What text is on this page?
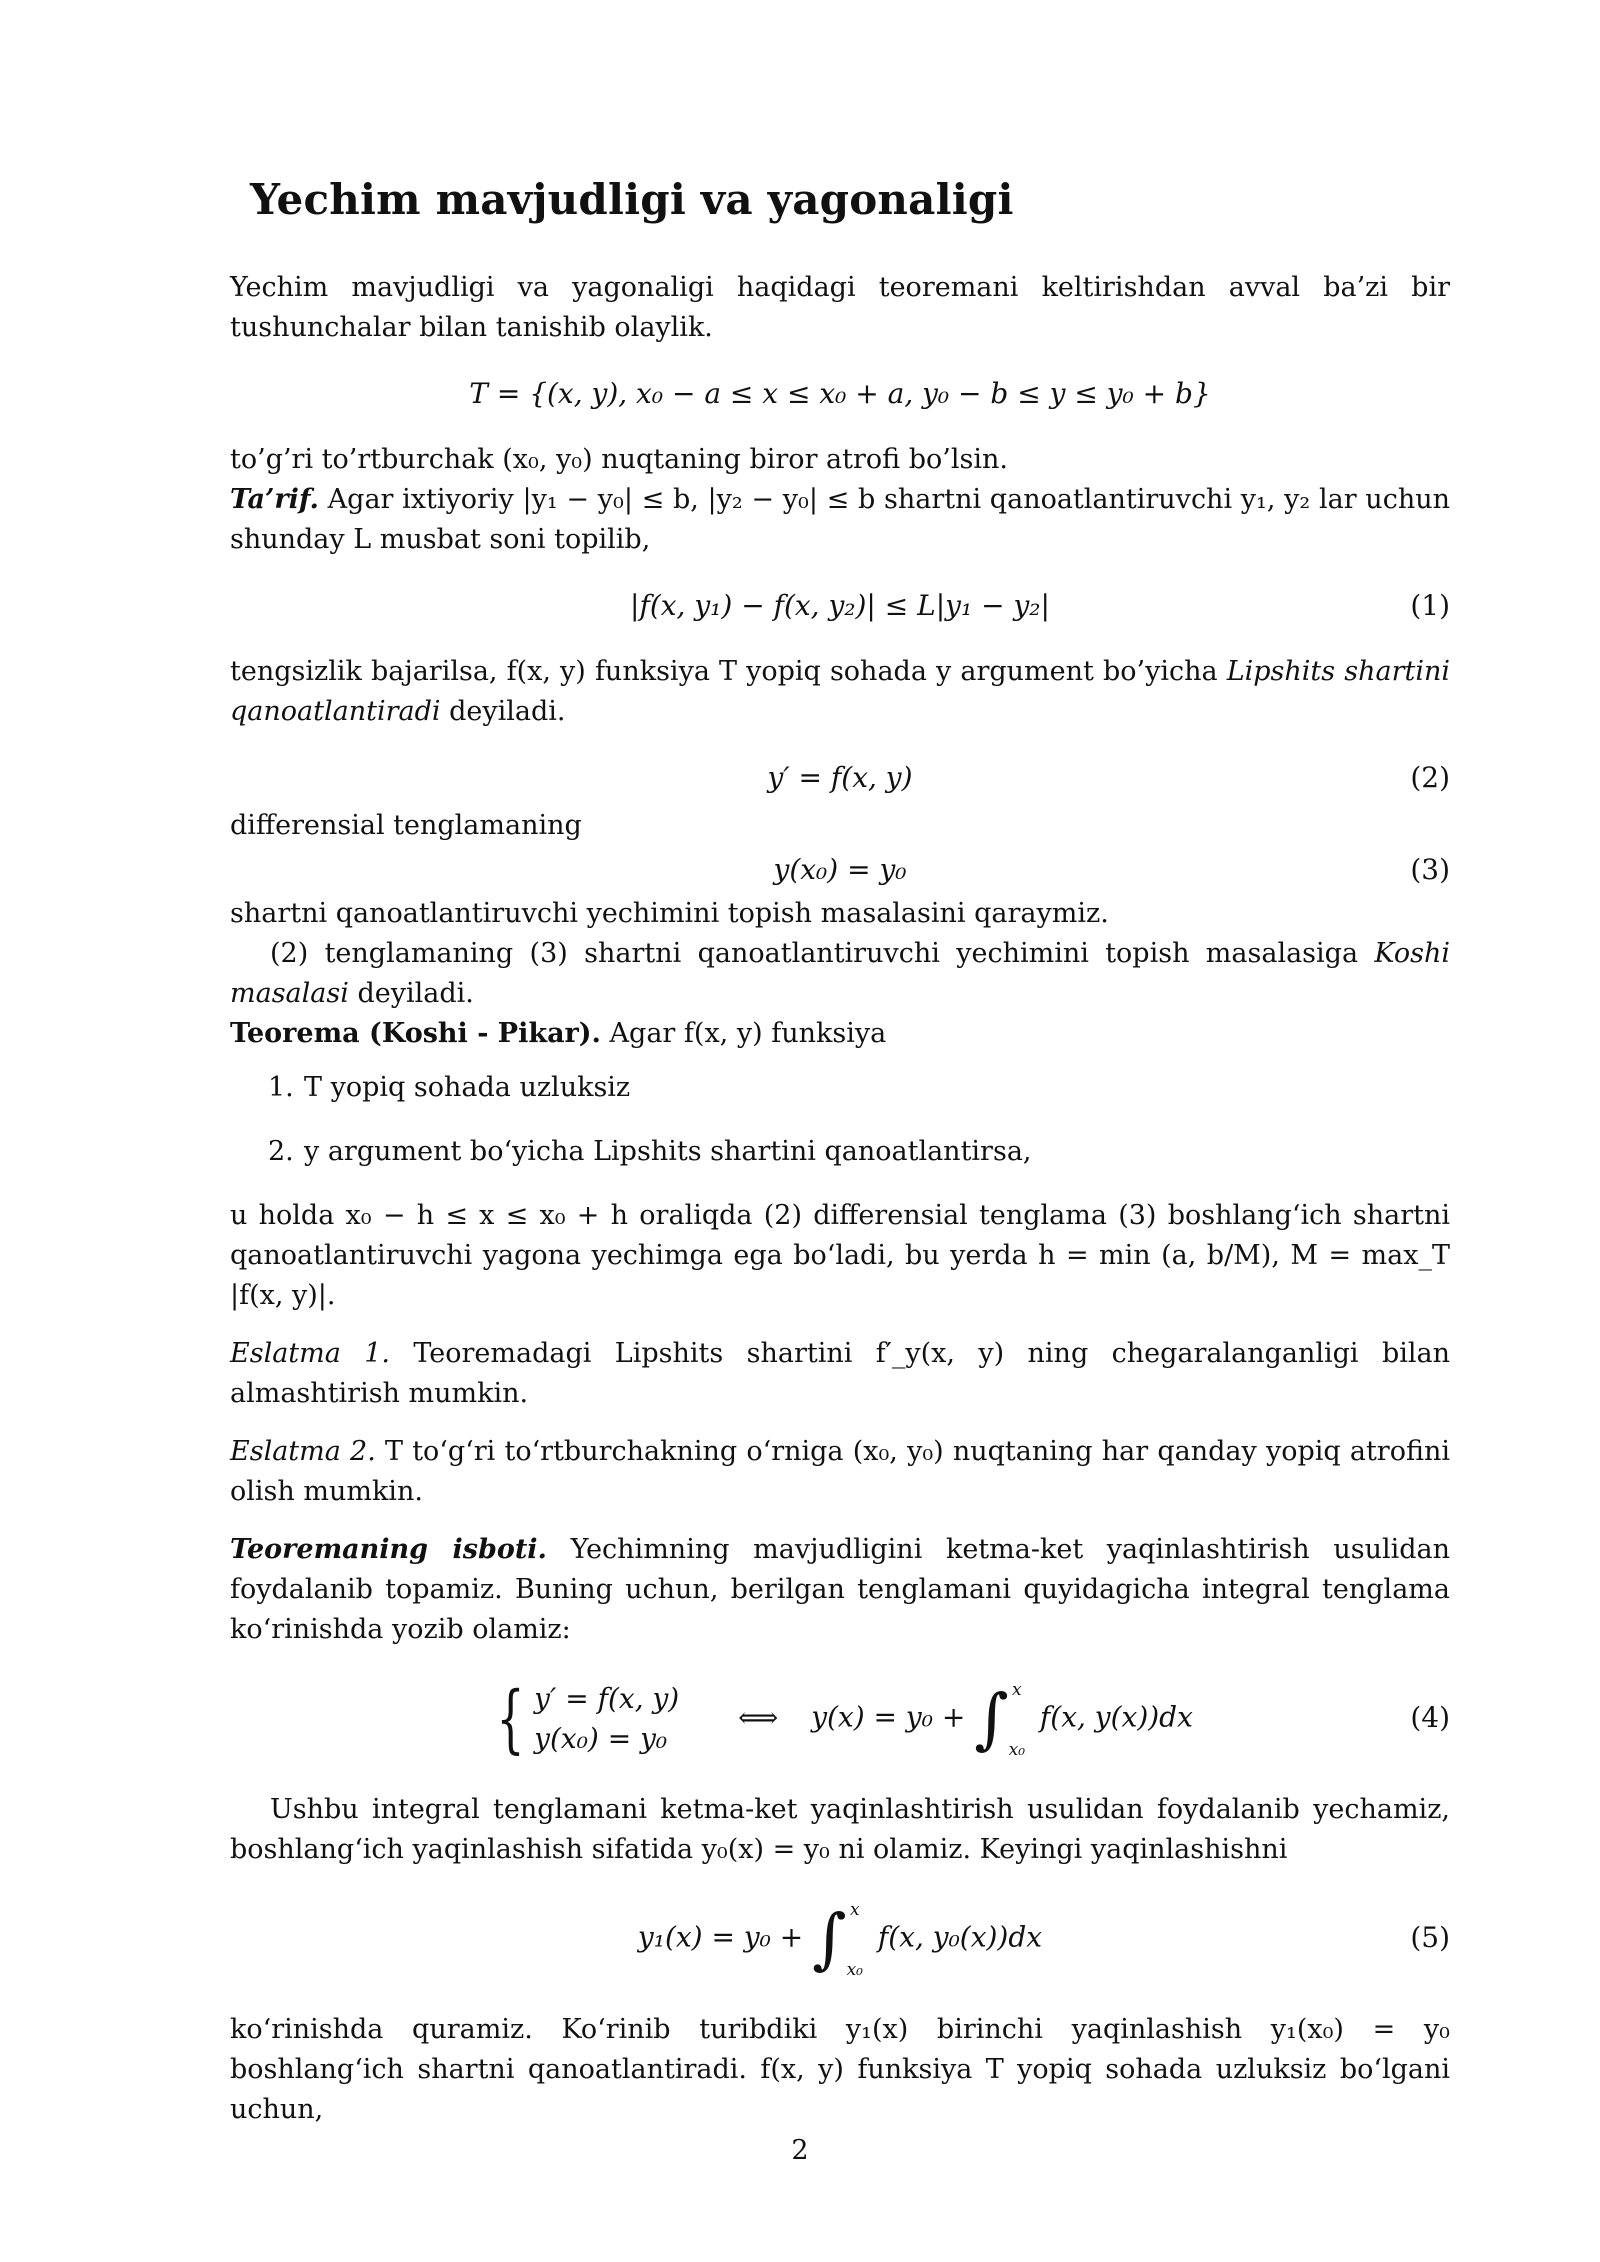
Yechim mavjudligi va yagonaligi

Yechim mavjudligi va yagonaligi haqidagi teoremani keltirishdan avval ba’zi bir tushunchalar bilan tanishib olaylik.

T = {(x, y), x₀ − a ≤ x ≤ x₀ + a, y₀ − b ≤ y ≤ y₀ + b}

to’g’ri to’rtburchak (x₀, y₀) nuqtaning biror atrofi bo’lsin.

Ta’rif. Agar ixtiyoriy |y₁ − y₀| ≤ b, |y₂ − y₀| ≤ b shartni qanoatlantiruvchi y₁, y₂ lar uchun shunday L musbat soni topilib,

|f(x, y₁) − f(x, y₂)| ≤ L|y₁ − y₂|	(1)

tengsizlik bajarilsa, f(x, y) funksiya T yopiq sohada y argument bo’yicha Lipshits shartini qanoatlantiradi deyiladi.

y′ = f(x, y)	(2)

differensial tenglamaning

y(x₀) = y₀	(3)

shartni qanoatlantiruvchi yechimini topish masalasini qaraymiz.

(2) tenglamaning (3) shartni qanoatlantiruvchi yechimini topish masalasiga Koshi masalasi deyiladi.

Teorema (Koshi - Pikar). Agar f(x, y) funksiya

1. T yopiq sohada uzluksiz
2. y argument bo‘yicha Lipshits shartini qanoatlantirsa,

u holda x₀ − h ≤ x ≤ x₀ + h oraliqda (2) differensial tenglama (3) boshlang‘ich shartni qanoatlantiruvchi yagona yechimga ega bo‘ladi, bu yerda h = min (a, b/M), M = max_T |f(x, y)|.

Eslatma 1. Teoremadagi Lipshits shartini f′_y(x, y) ning chegaralanganligi bilan almashtirish mumkin.

Eslatma 2. T to‘g‘ri to‘rtburchakning o‘rniga (x₀, y₀) nuqtaning har qanday yopiq atrofini olish mumkin.

Teoremaning isboti. Yechimning mavjudligini ketma-ket yaqinlashtirish usulidan foydalanib topamiz. Buning uchun, berilgan tenglamani quyidagicha integral tenglama ko‘rinishda yozib olamiz:

{ y′ = f(x, y)
y(x₀) = y₀
⟺ y(x) = y₀ + ∫ x
x₀
f(x, y(x))dx	(4)

Ushbu integral tenglamani ketma-ket yaqinlashtirish usulidan foydalanib yechamiz, boshlang‘ich yaqinlashish sifatida y₀(x) = y₀ ni olamiz. Keyingi yaqinlashishni

y₁(x) = y₀ + ∫ x
x₀
f(x, y₀(x))dx	(5)

ko‘rinishda quramiz. Ko‘rinib turibdiki y₁(x) birinchi yaqinlashish y₁(x₀) = y₀ boshlang‘ich shartni qanoatlantiradi. f(x, y) funksiya T yopiq sohada uzluksiz bo‘lgani uchun,

2
